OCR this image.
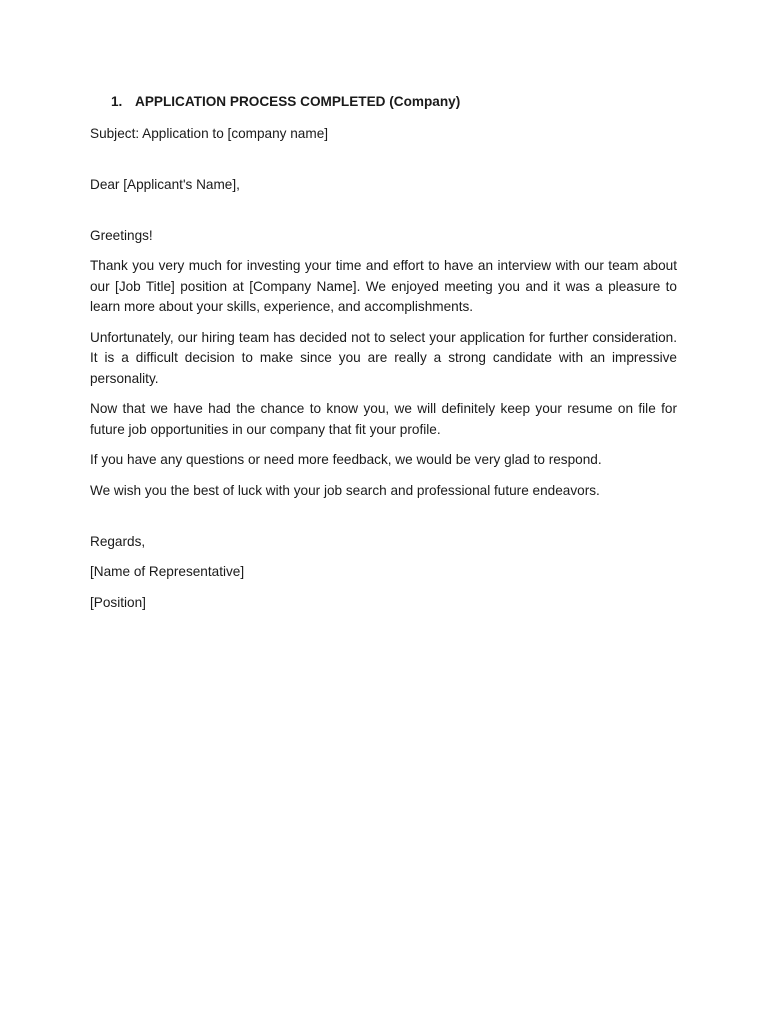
1. APPLICATION PROCESS COMPLETED (Company)
Subject: Application to [company name]
Dear [Applicant's Name],
Greetings!

Thank you very much for investing your time and effort to have an interview with our team about our [Job Title] position at [Company Name]. We enjoyed meeting you and it was a pleasure to learn more about your skills, experience, and accomplishments.

Unfortunately, our hiring team has decided not to select your application for further consideration. It is a difficult decision to make since you are really a strong candidate with an impressive personality.

Now that we have had the chance to know you, we will definitely keep your resume on file for future job opportunities in our company that fit your profile.

If you have any questions or need more feedback, we would be very glad to respond.

We wish you the best of luck with your job search and professional future endeavors.

Regards,
[Name of Representative]
[Position]
